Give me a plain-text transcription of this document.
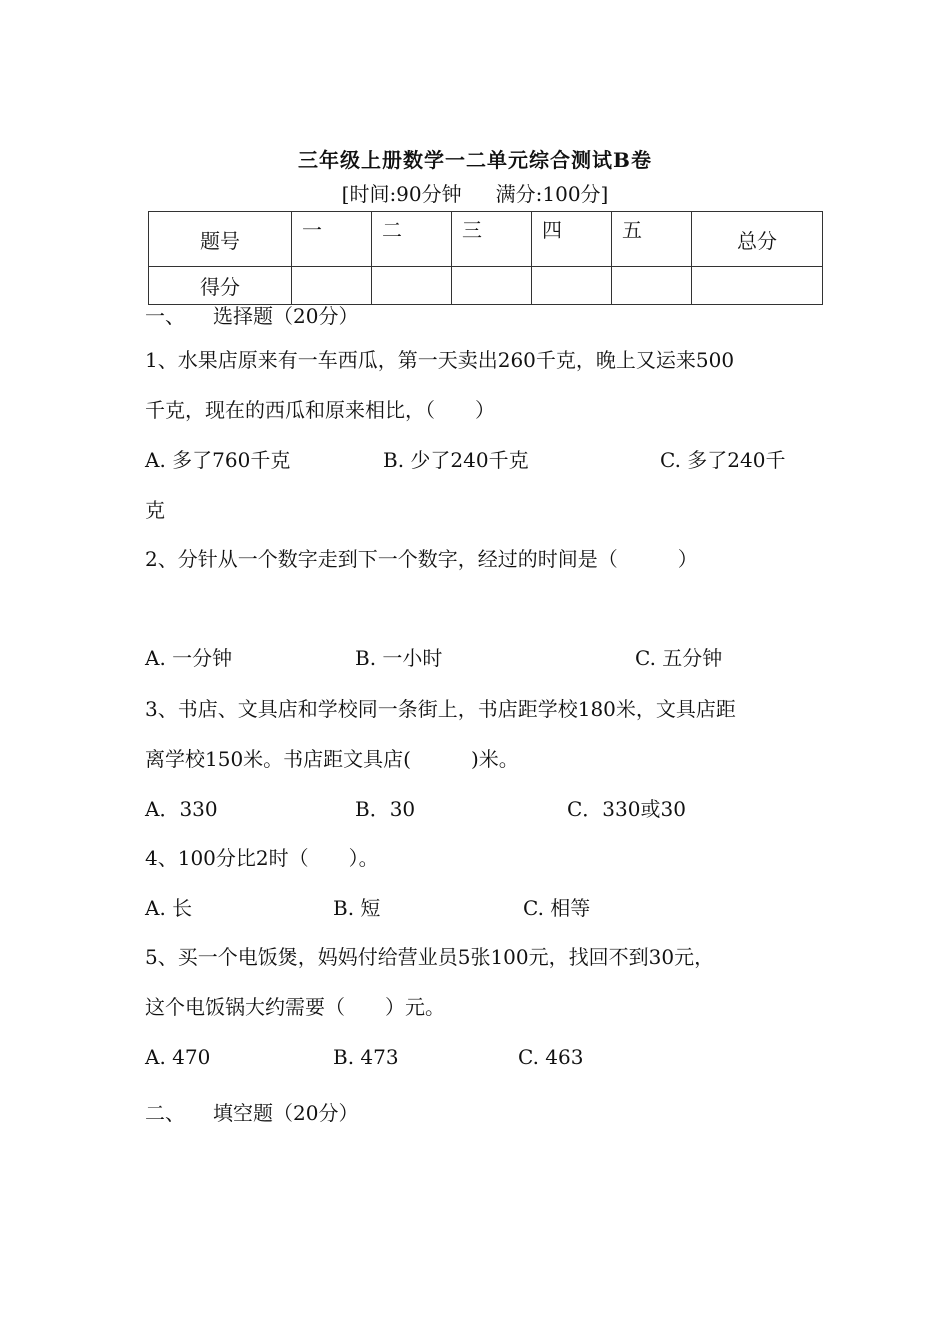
三年级上册数学一二单元综合测试B卷
[时间:90分钟 满分:100分]
题号	一	二	三	四	五	总分
得分						
一、 选择题（20分）
1、水果店原来有一车西瓜，第一天卖出260千克，晚上又运来500
千克，现在的西瓜和原来相比，（　　）
A. 多了760千克	B. 少了240千克	C. 多了240千
克
2、分针从一个数字走到下一个数字，经过的时间是（　　　）
A. 一分钟	B. 一小时	C. 五分钟
3、书店、文具店和学校同一条街上，书店距学校180米，文具店距
离学校150米。书店距文具店(　　　)米。
A．330	B．30	C．330或30
4、100分比2时（　　）。
A. 长	B. 短	C. 相等
5、买一个电饭煲，妈妈付给营业员5张100元，找回不到30元，
这个电饭锅大约需要（　　）元。
A. 470	B. 473	C. 463
二、 填空题（20分）
